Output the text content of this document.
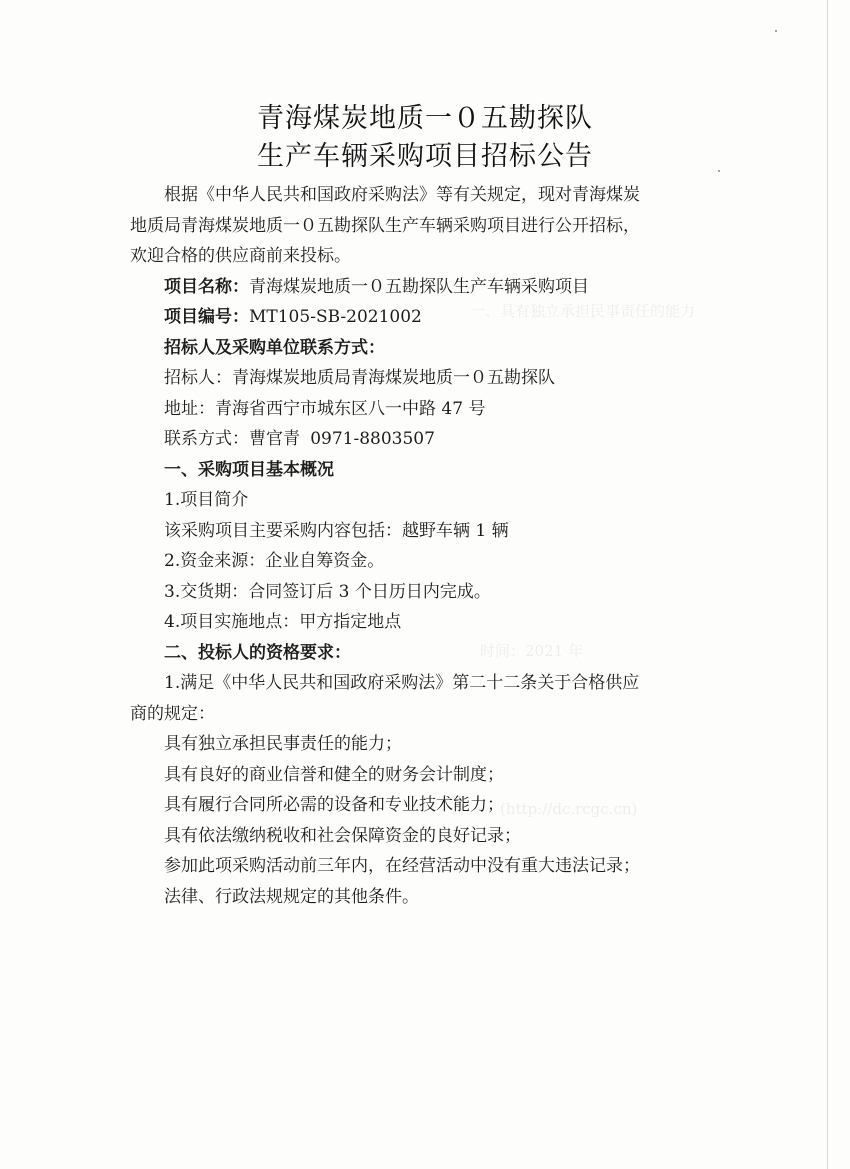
一、具有独立承担民事责任的能力
时间：2021 年
(http://dc.rcgc.cn)
青海煤炭地质一０五勘探队
生产车辆采购项目招标公告

根据《中华人民共和国政府采购法》等有关规定，现对青海煤炭

地质局青海煤炭地质一０五勘探队生产车辆采购项目进行公开招标，

欢迎合格的供应商前来投标。

项目名称：青海煤炭地质一０五勘探队生产车辆采购项目

项目编号：MT105-SB-2021002

招标人及采购单位联系方式：

招标人：青海煤炭地质局青海煤炭地质一０五勘探队

地址：青海省西宁市城东区八一中路 47 号

联系方式：曹官青 0971-8803507

一、采购项目基本概况

1.项目简介

该采购项目主要采购内容包括：越野车辆 1 辆

2.资金来源：企业自筹资金。

3.交货期：合同签订后 3 个日历日内完成。

4.项目实施地点：甲方指定地点

二、投标人的资格要求：

1.满足《中华人民共和国政府采购法》第二十二条关于合格供应

商的规定：

具有独立承担民事责任的能力；

具有良好的商业信誉和健全的财务会计制度；

具有履行合同所必需的设备和专业技术能力；

具有依法缴纳税收和社会保障资金的良好记录；

参加此项采购活动前三年内，在经营活动中没有重大违法记录；

法律、行政法规规定的其他条件。
